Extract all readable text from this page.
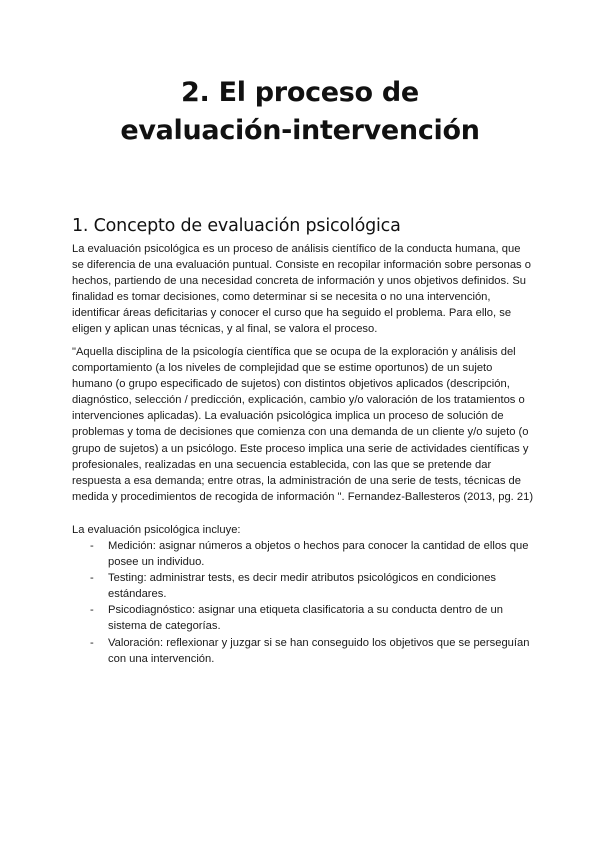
2. El proceso de
evaluación-intervención
1. Concepto de evaluación psicológica

La evaluación psicológica es un proceso de análisis científico de la conducta humana, que se diferencia de una evaluación puntual. Consiste en recopilar información sobre personas o hechos, partiendo de una necesidad concreta de información y unos objetivos definidos. Su finalidad es tomar decisiones, como determinar si se necesita o no una intervención, identificar áreas deficitarias y conocer el curso que ha seguido el problema. Para ello, se eligen y aplican unas técnicas, y al final, se valora el proceso.

"Aquella disciplina de la psicología científica que se ocupa de la exploración y análisis del comportamiento (a los niveles de complejidad que se estime oportunos) de un sujeto humano (o grupo especificado de sujetos) con distintos objetivos aplicados (descripción, diagnóstico, selección / predicción, explicación, cambio y/o valoración de los tratamientos o intervenciones aplicadas). La evaluación psicológica implica un proceso de solución de problemas y toma de decisiones que comienza con una demanda de un cliente y/o sujeto (o grupo de sujetos) a un psicólogo. Este proceso implica una serie de actividades científicas y profesionales, realizadas en una secuencia establecida, con las que se pretende dar respuesta a esa demanda; entre otras, la administración de una serie de tests, técnicas de medida y procedimientos de recogida de información ". Fernandez-Ballesteros (2013, pg. 21)

La evaluación psicológica incluye:

- Medición: asignar números a objetos o hechos para conocer la cantidad de ellos que posee un individuo.
- Testing: administrar tests, es decir medir atributos psicológicos en condiciones estándares.
- Psicodiagnóstico: asignar una etiqueta clasificatoria a su conducta dentro de un sistema de categorías.
- Valoración: reflexionar y juzgar si se han conseguido los objetivos que se perseguían con una intervención.
